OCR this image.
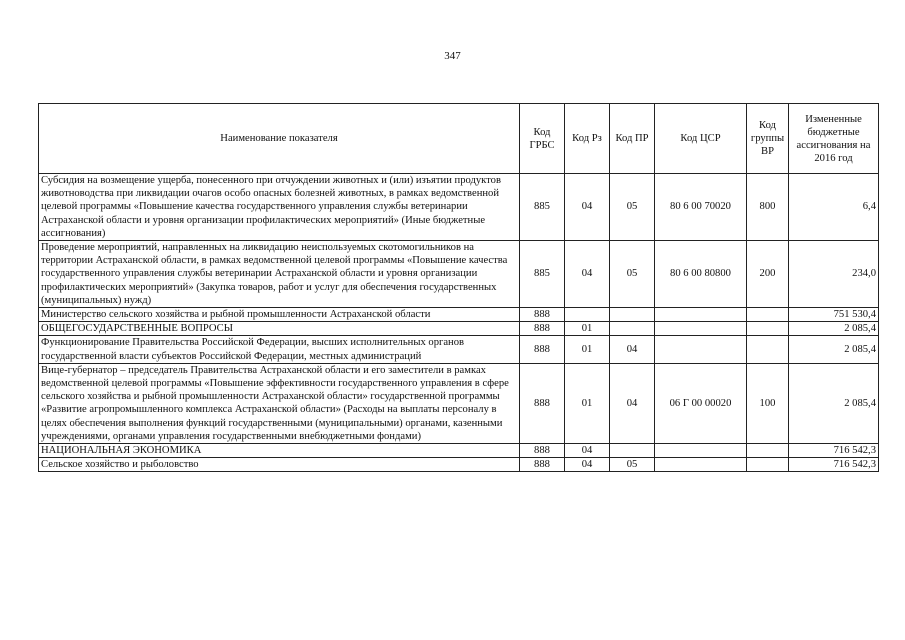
347
Наименование показателя	Код ГРБС	Код Рз	Код ПР	Код ЦСР	Код группы ВР	Измененные бюджетные ассигнования на 2016 год
Субсидия на возмещение ущерба, понесенного при отчуждении животных и (или) изъятии продуктов животноводства при ликвидации очагов особо опасных болезней животных, в рамках ведомственной целевой программы «Повышение качества государственного управления службы ветеринарии Астраханской области и уровня организации профилактических мероприятий» (Иные бюджетные ассигнования)	885	04	05	80 6 00 70020	800	6,4
Проведение мероприятий, направленных на ликвидацию неиспользуемых скотомогильников на территории Астраханской области, в рамках ведомственной целевой программы «Повышение качества государственного управления службы ветеринарии Астраханской области и уровня организации профилактических мероприятий» (Закупка товаров, работ и услуг для обеспечения государственных (муниципальных) нужд)	885	04	05	80 6 00 80800	200	234,0
Министерство сельского хозяйства и рыбной промышленности Астраханской области	888					751 530,4
ОБЩЕГОСУДАРСТВЕННЫЕ ВОПРОСЫ	888	01				2 085,4
Функционирование Правительства Российской Федерации, высших исполнительных органов государственной власти субъектов Российской Федерации, местных администраций	888	01	04			2 085,4
Вице-губернатор – председатель Правительства Астраханской области и его заместители в рамках ведомственной целевой программы «Повышение эффективности государственного управления в сфере сельского хозяйства и рыбной промышленности Астраханской области» государственной программы «Развитие агропромышленного комплекса Астраханской области» (Расходы на выплаты персоналу в целях обеспечения выполнения функций государственными (муниципальными) органами, казенными учреждениями, органами управления государственными внебюджетными фондами)	888	01	04	06 Г 00 00020	100	2 085,4
НАЦИОНАЛЬНАЯ ЭКОНОМИКА	888	04				716 542,3
Сельское хозяйство и рыболовство	888	04	05			716 542,3
